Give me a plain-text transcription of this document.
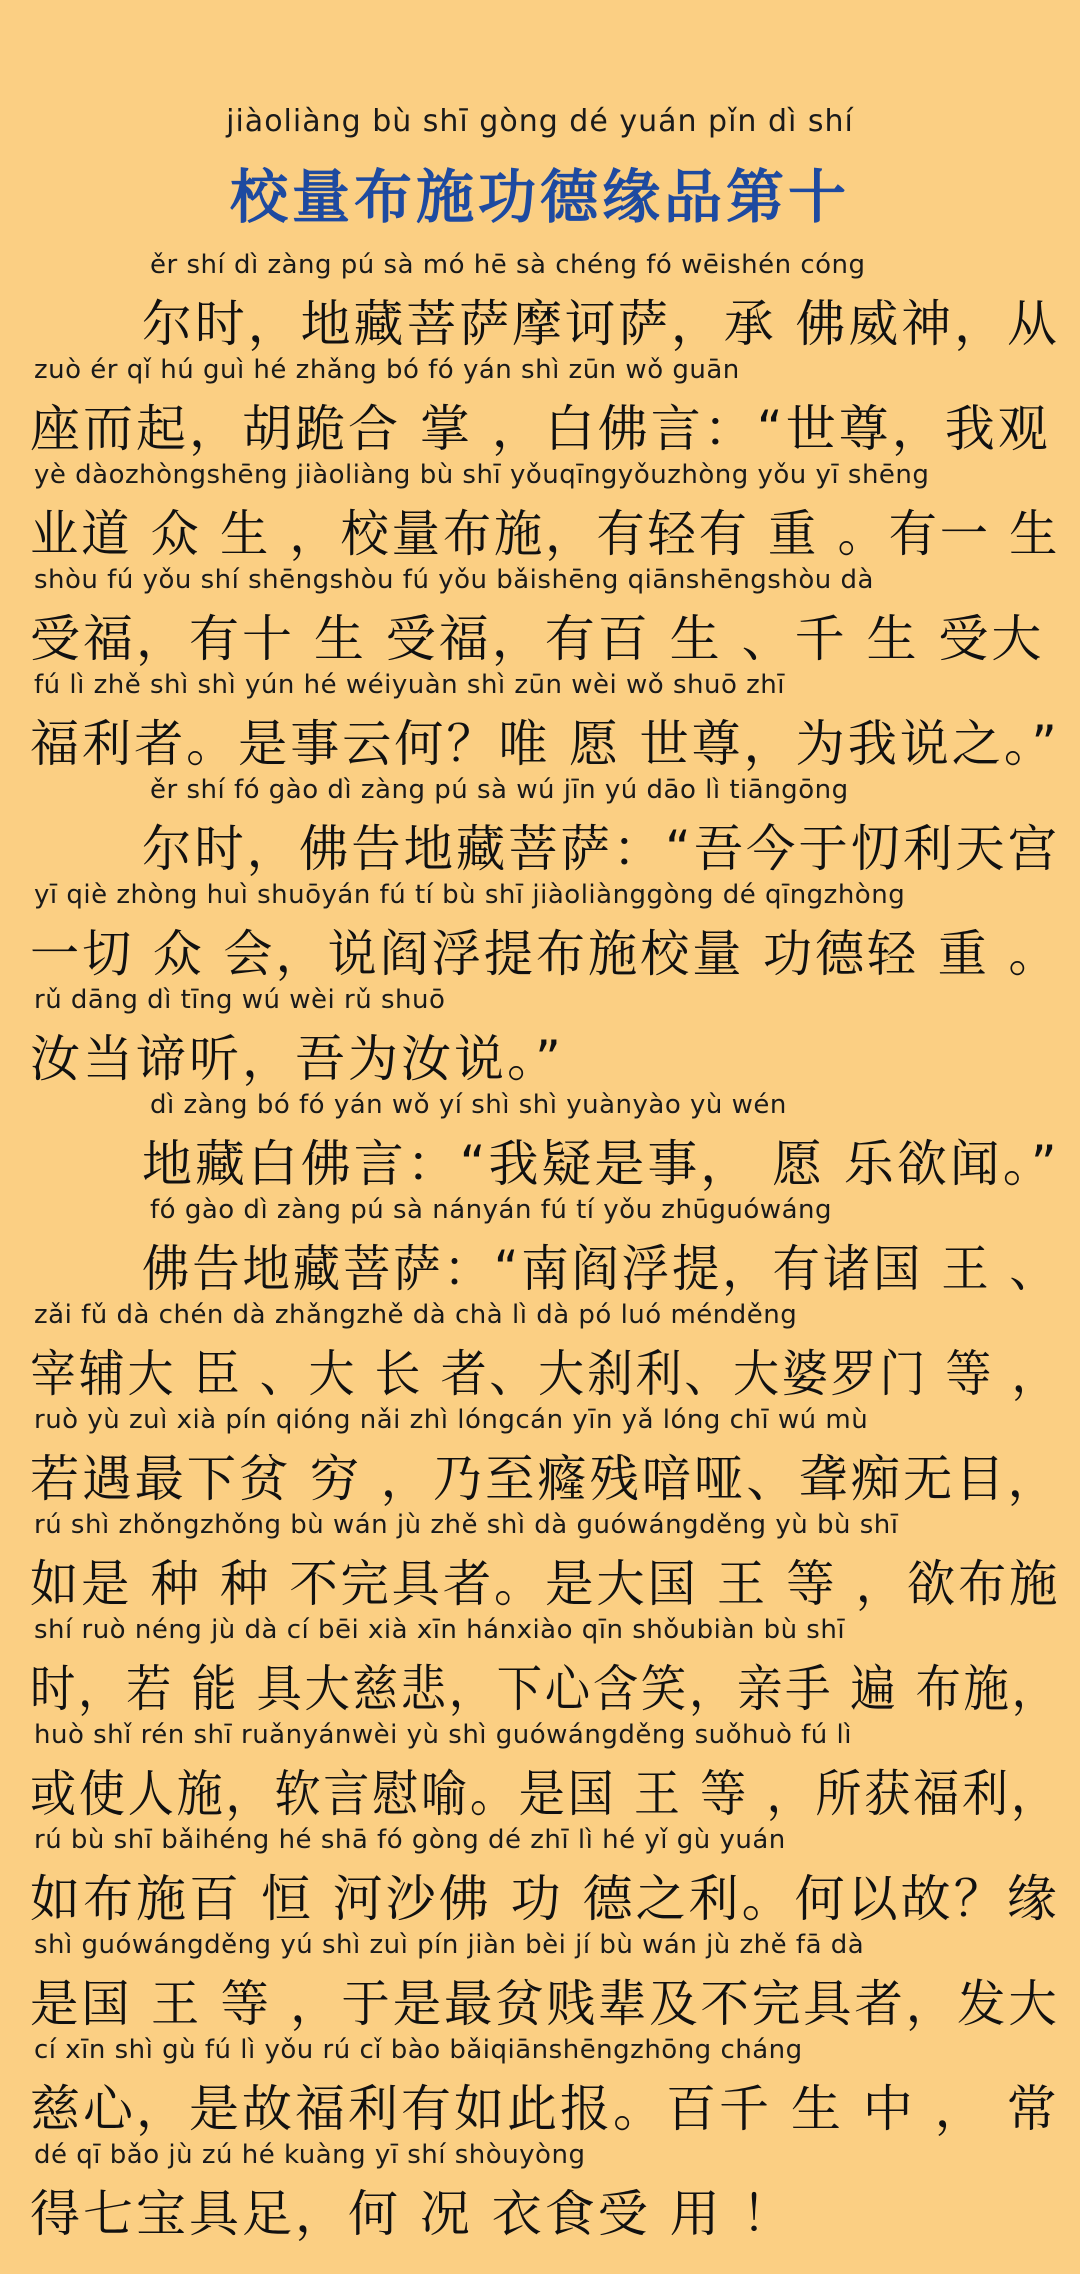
jiàoliàng bù shī gòng dé yuán pǐn dì shí
校量布施功德缘品第十
ěr shí dì zàng pú sà mó hē sà chéng fó wēishén cóng
尔时，地藏菩萨摩诃萨，承 佛威神，从
zuò ér qǐ hú guì hé zhǎng bó fó yán shì zūn wǒ guān
座而起，胡跪合 掌 ，白佛言：“世尊，我观
yè dàozhòngshēng jiàoliàng bù shī yǒuqīngyǒuzhòng yǒu yī shēng
业道 众 生 ，校量布施，有轻有 重 。有一 生
shòu fú yǒu shí shēngshòu fú yǒu bǎishēng qiānshēngshòu dà
受福，有十 生 受福，有百 生 、千 生 受大
fú lì zhě shì shì yún hé wéiyuàn shì zūn wèi wǒ shuō zhī
福利者。是事云何？唯 愿 世尊，为我说之。”
ěr shí fó gào dì zàng pú sà wú jīn yú dāo lì tiāngōng
尔时，佛告地藏菩萨：“吾今于忉利天宫
yī qiè zhòng huì shuōyán fú tí bù shī jiàoliànggòng dé qīngzhòng
一切 众 会，说阎浮提布施校量 功德轻 重 。
rǔ dāng dì tīng wú wèi rǔ shuō
汝当谛听，吾为汝说。”
dì zàng bó fó yán wǒ yí shì shì yuànyào yù wén
地藏白佛言：“我疑是事， 愿 乐欲闻。”
fó gào dì zàng pú sà nányán fú tí yǒu zhūguówáng
佛告地藏菩萨：“南阎浮提，有诸国 王 、
zǎi fǔ dà chén dà zhǎngzhě dà chà lì dà pó luó ménděng
宰辅大 臣 、大 长 者、大刹利、大婆罗门 等 ，
ruò yù zuì xià pín qióng nǎi zhì lóngcán yīn yǎ lóng chī wú mù
若遇最下贫 穷 ，乃至癃残喑哑、聋痴无目，
rú shì zhǒngzhǒng bù wán jù zhě shì dà guówángděng yù bù shī
如是 种 种 不完具者。是大国 王 等 ，欲布施
shí ruò néng jù dà cí bēi xià xīn hánxiào qīn shǒubiàn bù shī
时，若 能 具大慈悲，下心含笑，亲手 遍 布施，
huò shǐ rén shī ruǎnyánwèi yù shì guówángděng suǒhuò fú lì
或使人施，软言慰喻。是国 王 等 ，所获福利，
rú bù shī bǎihéng hé shā fó gòng dé zhī lì hé yǐ gù yuán
如布施百 恒 河沙佛 功 德之利。何以故？缘
shì guówángděng yú shì zuì pín jiàn bèi jí bù wán jù zhě fā dà
是国 王 等 ，于是最贫贱辈及不完具者，发大
cí xīn shì gù fú lì yǒu rú cǐ bào bǎiqiānshēngzhōng cháng
慈心，是故福利有如此报。百千 生 中 ， 常
dé qī bǎo jù zú hé kuàng yī shí shòuyòng
得七宝具足，何 况 衣食受 用 ！
